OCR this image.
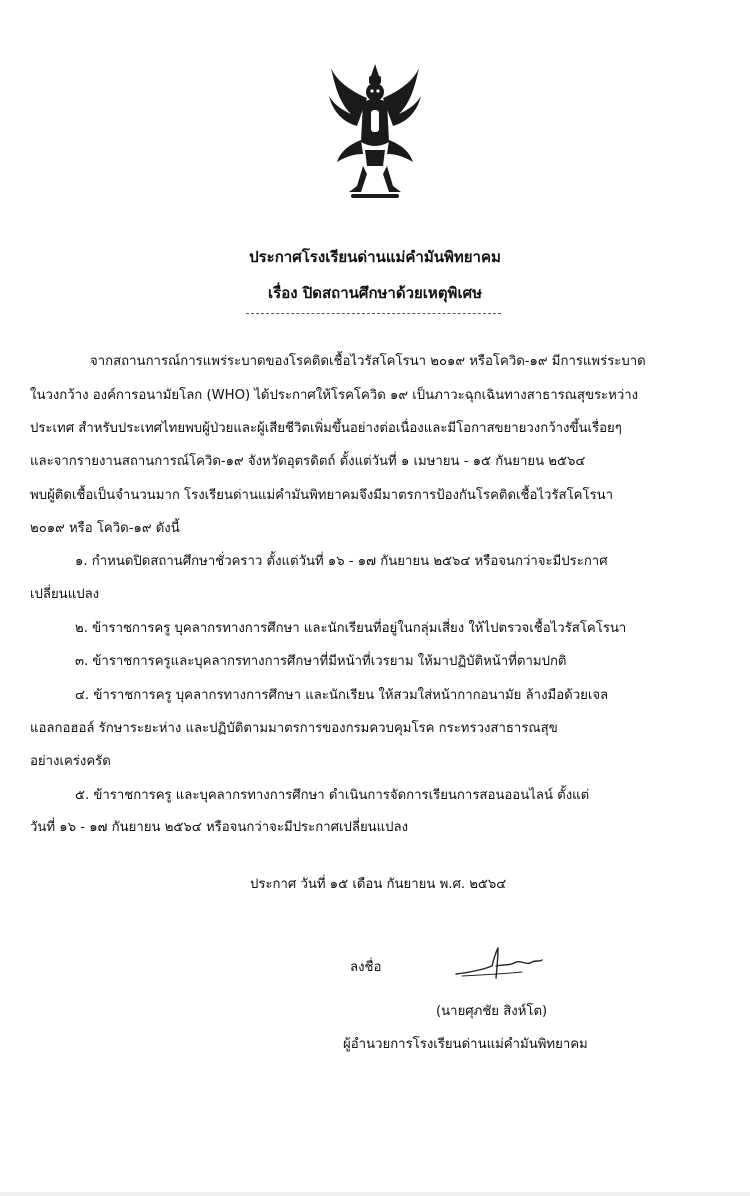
ประกาศโรงเรียนด่านแม่คำมันพิทยาคม
เรื่อง ปิดสถานศึกษาด้วยเหตุพิเศษ
จากสถานการณ์การแพร่ระบาดของโรคติดเชื้อไวรัสโคโรนา ๒๐๑๙ หรือโควิด-๑๙ มีการแพร่ระบาด
ในวงกว้าง องค์การอนามัยโลก (WHO) ได้ประกาศให้โรคโควิด ๑๙ เป็นภาวะฉุกเฉินทางสาธารณสุขระหว่าง
ประเทศ สำหรับประเทศไทยพบผู้ป่วยและผู้เสียชีวิตเพิ่มขึ้นอย่างต่อเนื่องและมีโอกาสขยายวงกว้างขึ้นเรื่อยๆ
และจากรายงานสถานการณ์โควิด-๑๙ จังหวัดอุตรดิตถ์ ตั้งแต่วันที่ ๑ เมษายน - ๑๕ กันยายน ๒๕๖๔
พบผู้ติดเชื้อเป็นจำนวนมาก โรงเรียนด่านแม่คำมันพิทยาคมจึงมีมาตรการป้องกันโรคติดเชื้อไวรัสโคโรนา
๒๐๑๙ หรือ โควิด-๑๙ ดังนี้
๑. กำหนดปิดสถานศึกษาชั่วคราว ตั้งแต่วันที่ ๑๖ - ๑๗ กันยายน ๒๕๖๔ หรือจนกว่าจะมีประกาศ
เปลี่ยนแปลง
๒. ข้าราชการครู บุคลากรทางการศึกษา และนักเรียนที่อยู่ในกลุ่มเสี่ยง ให้ไปตรวจเชื้อไวรัสโคโรนา
๓. ข้าราชการครูและบุคลากรทางการศึกษาที่มีหน้าที่เวรยาม ให้มาปฏิบัติหน้าที่ตามปกติ
๔. ข้าราชการครู บุคลากรทางการศึกษา และนักเรียน ให้สวมใส่หน้ากากอนามัย ล้างมือด้วยเจล
แอลกอฮอล์ รักษาระยะห่าง และปฏิบัติตามมาตรการของกรมควบคุมโรค กระทรวงสาธารณสุข
อย่างเคร่งครัด
๕. ข้าราชการครู และบุคลากรทางการศึกษา ดำเนินการจัดการเรียนการสอนออนไลน์ ตั้งแต่
วันที่ ๑๖ - ๑๗ กันยายน ๒๕๖๔ หรือจนกว่าจะมีประกาศเปลี่ยนแปลง
ประกาศ วันที่ ๑๕ เดือน กันยายน พ.ศ. ๒๕๖๔
ลงชื่อ
(นายศุภชัย สิงห์โต)
ผู้อำนวยการโรงเรียนด่านแม่คำมันพิทยาคม
